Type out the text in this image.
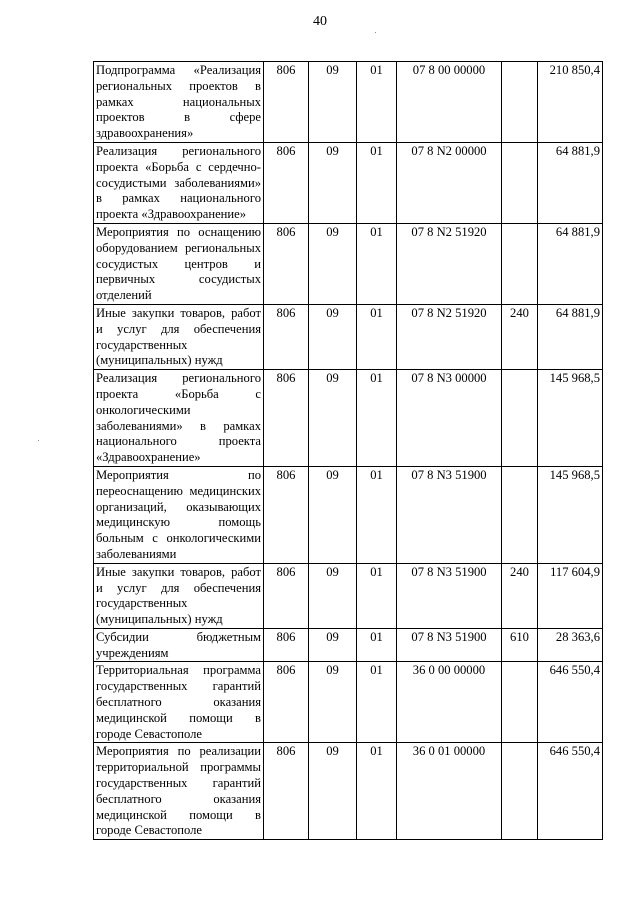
40
Подпрограмма «Реализация региональных проектов в рамках национальных проектов в сфере здравоохранения»	806	09	01	07 8 00 00000		210 850,4
Реализация регионального проекта «Борьба с сердечно-сосудистыми заболеваниями» в рамках национального проекта «Здравоохранение»	806	09	01	07 8 N2 00000		64 881,9
Мероприятия по оснащению оборудованием региональных сосудистых центров и первичных сосудистых отделений	806	09	01	07 8 N2 51920		64 881,9
Иные закупки товаров, работ и услуг для обеспечения государственных (муниципальных) нужд	806	09	01	07 8 N2 51920	240	64 881,9
Реализация регионального проекта «Борьба с онкологическими заболеваниями» в рамках национального проекта «Здравоохранение»	806	09	01	07 8 N3 00000		145 968,5
Мероприятия по переоснащению медицинских организаций, оказывающих медицинскую помощь больным с онкологическими заболеваниями	806	09	01	07 8 N3 51900		145 968,5
Иные закупки товаров, работ и услуг для обеспечения государственных (муниципальных) нужд	806	09	01	07 8 N3 51900	240	117 604,9
Субсидии бюджетным учреждениям	806	09	01	07 8 N3 51900	610	28 363,6
Территориальная программа государственных гарантий бесплатного оказания медицинской помощи в городе Севастополе	806	09	01	36 0 00 00000		646 550,4
Мероприятия по реализации территориальной программы государственных гарантий бесплатного оказания медицинской помощи в городе Севастополе	806	09	01	36 0 01 00000		646 550,4
